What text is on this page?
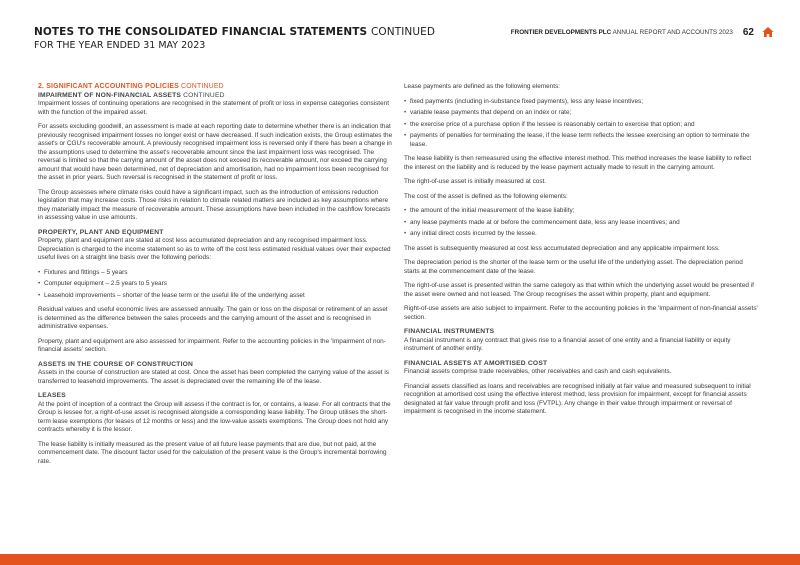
NOTES TO THE CONSOLIDATED FINANCIAL STATEMENTS CONTINUED
FOR THE YEAR ENDED 31 MAY 2023
FRONTIER DEVELOPMENTS PLC ANNUAL REPORT AND ACCOUNTS 2023 62
2. SIGNIFICANT ACCOUNTING POLICIES CONTINUED
IMPAIRMENT OF NON-FINANCIAL ASSETS CONTINUED

Impairment losses of continuing operations are recognised in the statement of profit or loss in expense categories consistent with the function of the impaired asset.

For assets excluding goodwill, an assessment is made at each reporting date to determine whether there is an indication that previously recognised impairment losses no longer exist or have decreased. If such indication exists, the Group estimates the asset's or CGU's recoverable amount. A previously recognised impairment loss is reversed only if there has been a change in the assumptions used to determine the asset's recoverable amount since the last impairment loss was recognised. The reversal is limited so that the carrying amount of the asset does not exceed its recoverable amount, nor exceed the carrying amount that would have been determined, net of depreciation and amortisation, had no impairment loss been recognised for the asset in prior years. Such reversal is recognised in the statement of profit or loss.

The Group assesses where climate risks could have a significant impact, such as the introduction of emissions reduction legislation that may increase costs. Those risks in relation to climate related matters are included as key assumptions where they materially impact the measure of recoverable amount. These assumptions have been included in the cashflow forecasts in assessing value in use amounts.

PROPERTY, PLANT AND EQUIPMENT

Property, plant and equipment are stated at cost less accumulated depreciation and any recognised impairment loss. Depreciation is charged to the income statement so as to write off the cost less estimated residual values over their expected useful lives on a straight line basis over the following periods:

• Fixtures and fittings – 5 years
• Computer equipment – 2.5 years to 5 years
• Leasehold improvements – shorter of the lease term or the useful life of the underlying asset

Residual values and useful economic lives are assessed annually. The gain or loss on the disposal or retirement of an asset is determined as the difference between the sales proceeds and the carrying amount of the asset and is recognised in administrative expenses.

Property, plant and equipment are also assessed for impairment. Refer to the accounting policies in the 'Impairment of non-financial assets' section.

ASSETS IN THE COURSE OF CONSTRUCTION

Assets in the course of construction are stated at cost. Once the asset has been completed the carrying value of the asset is transferred to leasehold improvements. The asset is depreciated over the remaining life of the lease.

LEASES

At the point of inception of a contract the Group will assess if the contract is for, or contains, a lease. For all contracts that the Group is lessee for, a right-of-use asset is recognised alongside a corresponding lease liability. The Group utilises the short-term lease exemptions (for leases of 12 months or less) and the low-value assets exemptions. The Group does not hold any contracts whereby it is the lessor.

The lease liability is initially measured as the present value of all future lease payments that are due, but not paid, at the commencement date. The discount factor used for the calculation of the present value is the Group's incremental borrowing rate.

Lease payments are defined as the following elements:

• fixed payments (including in-substance fixed payments), less any lease incentives;
• variable lease payments that depend on an index or rate;
• the exercise price of a purchase option if the lessee is reasonably certain to exercise that option; and
• payments of penalties for terminating the lease, if the lease term reflects the lessee exercising an option to terminate the lease.

The lease liability is then remeasured using the effective interest method. This method increases the lease liability to reflect the interest on the liability and is reduced by the lease payment actually made to result in the carrying amount.

The right-of-use asset is initially measured at cost.

The cost of the asset is defined as the following elements:

• the amount of the initial measurement of the lease liability;
• any lease payments made at or before the commencement date, less any lease incentives; and
• any initial direct costs incurred by the lessee.

The asset is subsequently measured at cost less accumulated depreciation and any applicable impairment loss.

The depreciation period is the shorter of the lease term or the useful life of the underlying asset. The depreciation period starts at the commencement date of the lease.

The right-of-use asset is presented within the same category as that within which the underlying asset would be presented if the asset were owned and not leased. The Group recognises the asset within property, plant and equipment.

Right-of-use assets are also subject to impairment. Refer to the accounting policies in the 'Impairment of non-financial assets' section.

FINANCIAL INSTRUMENTS

A financial instrument is any contract that gives rise to a financial asset of one entity and a financial liability or equity instrument of another entity.

FINANCIAL ASSETS AT AMORTISED COST

Financial assets comprise trade receivables, other receivables and cash and cash equivalents.

Financial assets classified as loans and receivables are recognised initially at fair value and measured subsequent to initial recognition at amortised cost using the effective interest method, less provision for impairment, except for financial assets designated at fair value through profit and loss (FVTPL). Any change in their value through impairment or reversal of impairment is recognised in the income statement.
